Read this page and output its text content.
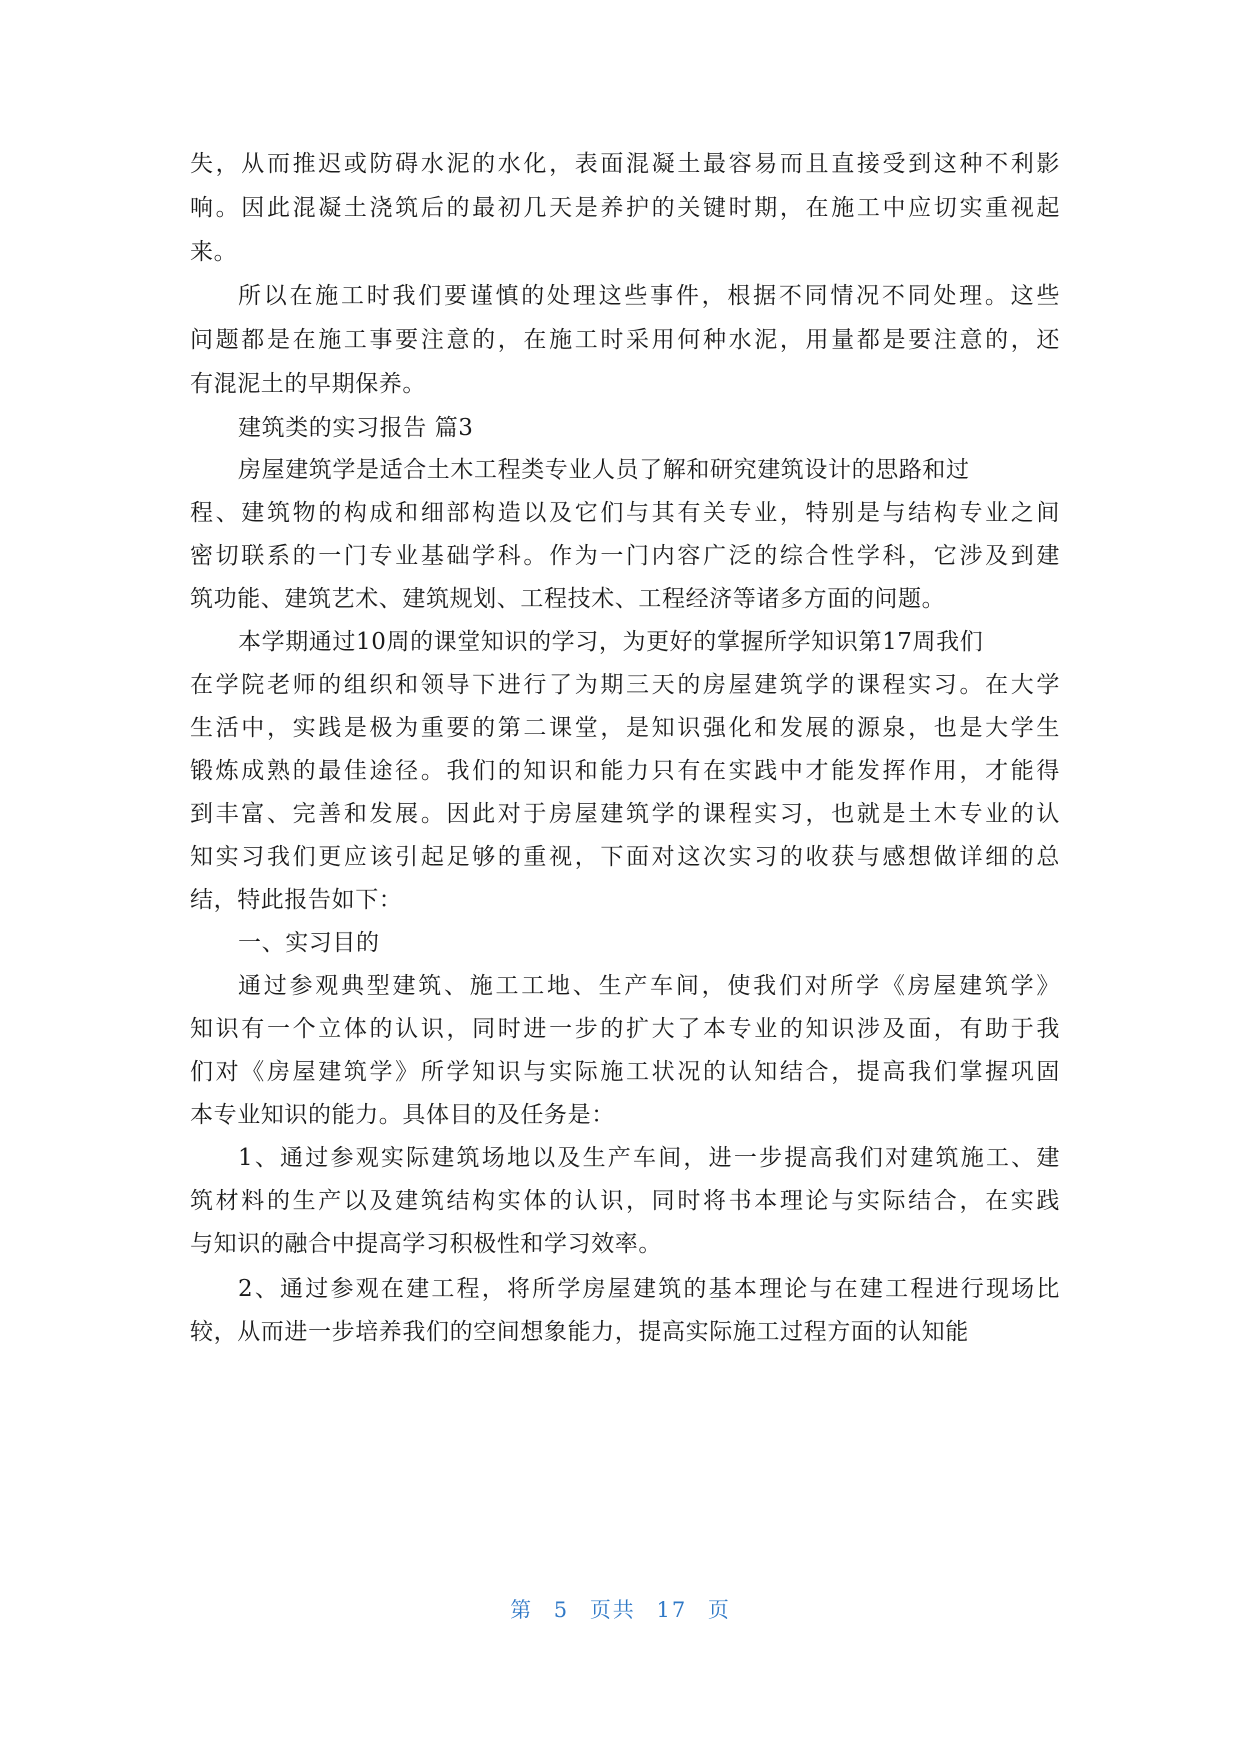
失，从而推迟或防碍水泥的水化，表面混凝土最容易而且直接受到这种不利影
响。因此混凝土浇筑后的最初几天是养护的关键时期，在施工中应切实重视起
来。
所以在施工时我们要谨慎的处理这些事件，根据不同情况不同处理。这些
问题都是在施工事要注意的，在施工时采用何种水泥，用量都是要注意的，还
有混泥土的早期保养。
建筑类的实习报告 篇3
房屋建筑学是适合土木工程类专业人员了解和研究建筑设计的思路和过
程、建筑物的构成和细部构造以及它们与其有关专业，特别是与结构专业之间
密切联系的一门专业基础学科。作为一门内容广泛的综合性学科，它涉及到建
筑功能、建筑艺术、建筑规划、工程技术、工程经济等诸多方面的问题。
本学期通过10周的课堂知识的学习，为更好的掌握所学知识第17周我们
在学院老师的组织和领导下进行了为期三天的房屋建筑学的课程实习。在大学
生活中，实践是极为重要的第二课堂，是知识强化和发展的源泉，也是大学生
锻炼成熟的最佳途径。我们的知识和能力只有在实践中才能发挥作用，才能得
到丰富、完善和发展。因此对于房屋建筑学的课程实习，也就是土木专业的认
知实习我们更应该引起足够的重视，下面对这次实习的收获与感想做详细的总
结，特此报告如下：
一、实习目的
通过参观典型建筑、施工工地、生产车间，使我们对所学《房屋建筑学》
知识有一个立体的认识，同时进一步的扩大了本专业的知识涉及面，有助于我
们对《房屋建筑学》所学知识与实际施工状况的认知结合，提高我们掌握巩固
本专业知识的能力。具体目的及任务是：
1、通过参观实际建筑场地以及生产车间，进一步提高我们对建筑施工、建
筑材料的生产以及建筑结构实体的认识，同时将书本理论与实际结合，在实践
与知识的融合中提高学习积极性和学习效率。
2、通过参观在建工程，将所学房屋建筑的基本理论与在建工程进行现场比
较，从而进一步培养我们的空间想象能力，提高实际施工过程方面的认知能
第 5 页共 17 页
